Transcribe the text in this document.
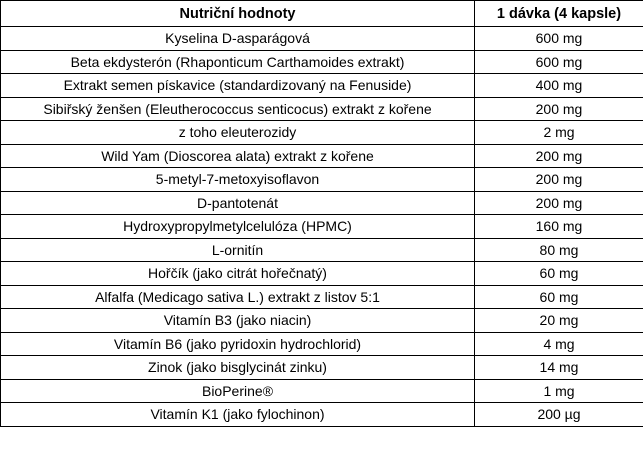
Nutriční hodnoty	1 dávka (4 kapsle)
Kyselina D-asparágová	600 mg
Beta ekdysterón (Rhaponticum Carthamoides extrakt)	600 mg
Extrakt semen pískavice (standardizovaný na Fenuside)	400 mg
Sibiřský ženšen (Eleutherococcus senticocus) extrakt z kořene	200 mg
z toho eleuterozidy	2 mg
Wild Yam (Dioscorea alata) extrakt z kořene	200 mg
5-metyl-7-metoxyisoflavon	200 mg
D-pantotenát	200 mg
Hydroxypropylmetylcelulóza (HPMC)	160 mg
L-ornitín	80 mg
Hořčík (jako citrát hořečnatý)	60 mg
Alfalfa (Medicago sativa L.) extrakt z listov 5:1	60 mg
Vitamín B3 (jako niacin)	20 mg
Vitamín B6 (jako pyridoxin hydrochlorid)	4 mg
Zinok (jako bisglycinát zinku)	14 mg
BioPerine®	1 mg
Vitamín K1 (jako fylochinon)	200 µg
